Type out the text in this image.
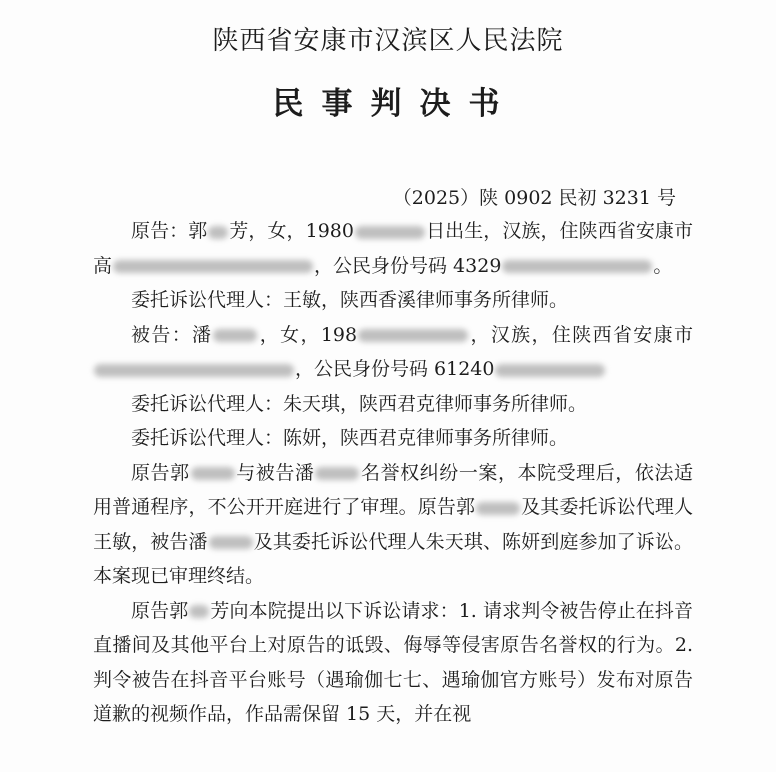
陕西省安康市汉滨区人民法院
民事判决书
（2025）陕 0902 民初 3231 号

原告：郭 芳，女，1980	日出生，汉族，住陕西省安康市高	，公民身份号码 4329	。

委托诉讼代理人：王敏，陕西香溪律师事务所律师。

被告：潘 ，女，198	，汉族，住陕西省安康市，公民身份号码 61240

委托诉讼代理人：朱天琪，陕西君克律师事务所律师。

委托诉讼代理人：陈妍，陕西君克律师事务所律师。

原告郭 与被告潘 名誉权纠纷一案，本院受理后，依法适用普通程序，不公开开庭进行了审理。原告郭 及其委托诉讼代理人王敏，被告潘 及其委托诉讼代理人朱天琪、陈妍到庭参加了诉讼。本案现已审理终结。

原告郭 芳向本院提出以下诉讼请求：1. 请求判令被告停止在抖音直播间及其他平台上对原告的诋毁、侮辱等侵害原告名誉权的行为。2. 判令被告在抖音平台账号（遇瑜伽七七、遇瑜伽官方账号）发布对原告道歉的视频作品，作品需保留 15 天，并在视
